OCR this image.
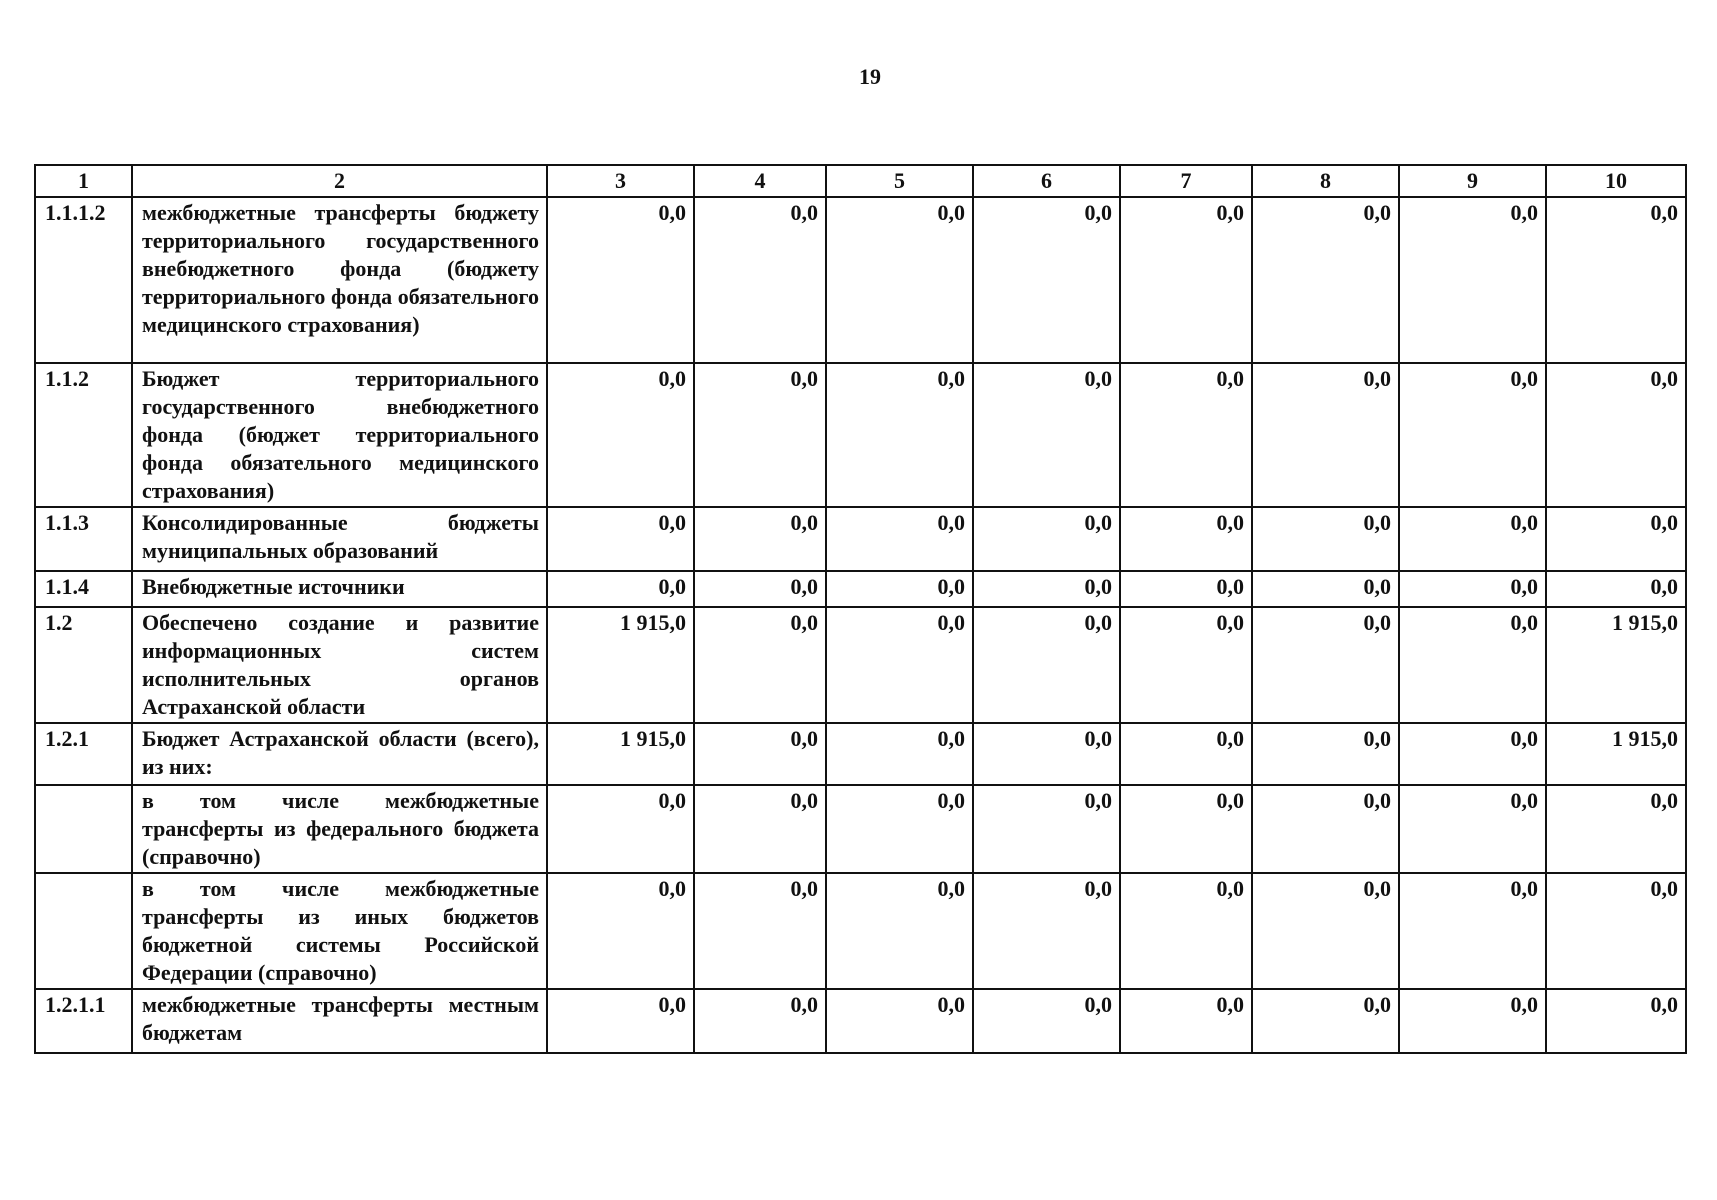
19
1	2	3	4	5	6	7	8	9	10
1.1.1.2	межбюджетные трансферты бюджету территориального государственного внебюджетного фонда (бюджету территориального фонда обязательного медицинского страхования)	0,0	0,0	0,0	0,0	0,0	0,0	0,0	0,0
1.1.2	Бюджет территориального государственного внебюджетного фонда (бюджет территориального фонда обязательного медицинского страхования)	0,0	0,0	0,0	0,0	0,0	0,0	0,0	0,0
1.1.3	Консолидированные бюджеты муниципальных образований	0,0	0,0	0,0	0,0	0,0	0,0	0,0	0,0
1.1.4	Внебюджетные источники	0,0	0,0	0,0	0,0	0,0	0,0	0,0	0,0
1.2	Обеспечено создание и развитие информационных систем исполнительных органов Астраханской области	1 915,0	0,0	0,0	0,0	0,0	0,0	0,0	1 915,0
1.2.1	Бюджет Астраханской области (всего), из них:	1 915,0	0,0	0,0	0,0	0,0	0,0	0,0	1 915,0
	в том числе межбюджетные трансферты из федерального бюджета (справочно)	0,0	0,0	0,0	0,0	0,0	0,0	0,0	0,0
	в том числе межбюджетные трансферты из иных бюджетов бюджетной системы Российской Федерации (справочно)	0,0	0,0	0,0	0,0	0,0	0,0	0,0	0,0
1.2.1.1	межбюджетные трансферты местным бюджетам	0,0	0,0	0,0	0,0	0,0	0,0	0,0	0,0
